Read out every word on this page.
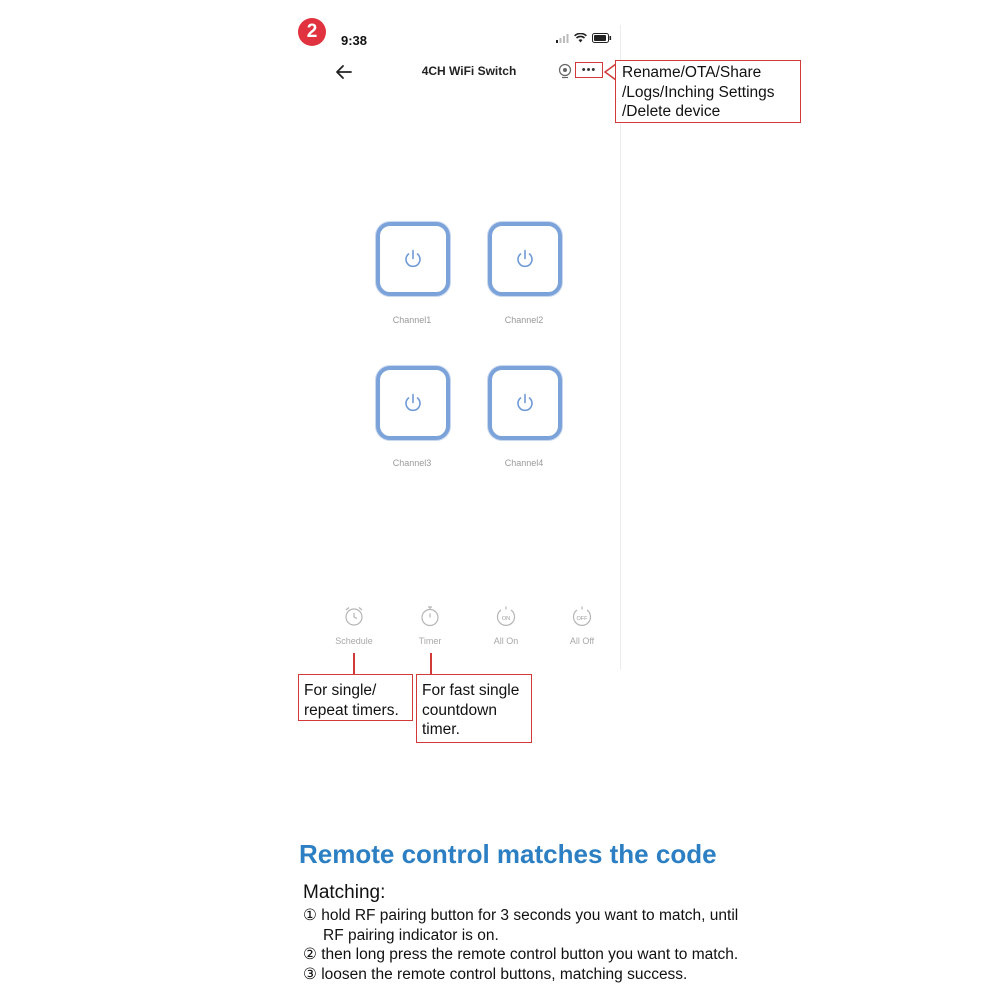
2	9:38
4CH WiFi Switch	•••	Rename/OTA/Share
/Logs/Inching Settings
/Delete device
Channel1	Channel2
Channel3	Channel4
Schedule	Timer
ON
All On
OFF
All Off
For single/
repeat timers.
For fast single
countdown
timer.
Remote control matches the code
Matching:
① hold RF pairing button for 3 seconds you want to match, until
RF pairing indicator is on.
② then long press the remote control button you want to match.
③ loosen the remote control buttons, matching success.
